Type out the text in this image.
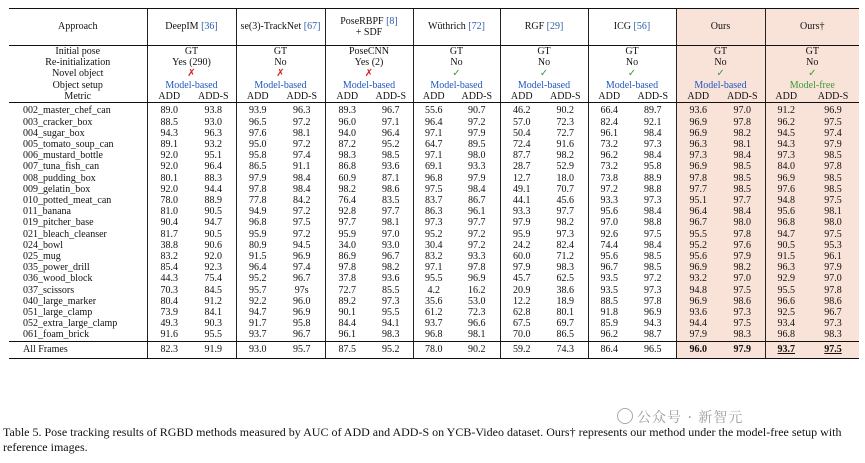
Approach	DeepIM [36]		se(3)-TrackNet [67]		PoseRBPF [8]
+ SDF		Wüthrich [72]		RGF [29]		ICG [56]		Ours		Ours†	
Initial pose	GT		GT		PoseCNN		GT		GT		GT		GT		GT	
Re-initialization	Yes (290)		No		Yes (2)		No		No		No		No		No	
Novel object	✗		✗		✗		✓		✓		✓		✓		✓	
Object setup	Model-based		Model-based		Model-based		Model-based		Model-based		Model-based		Model-based		Model-free	
Metric	ADD	ADD-S	ADD	ADD-S	ADD	ADD-S	ADD	ADD-S	ADD	ADD-S	ADD	ADD-S	ADD	ADD-S	ADD	ADD-S
002_master_chef_can	89.0	93.8	93.9	96.3	89.3	96.7	55.6	90.7	46.2	90.2	66.4	89.7	93.6	97.0	91.2	96.9
003_cracker_box	88.5	93.0	96.5	97.2	96.0	97.1	96.4	97.2	57.0	72.3	82.4	92.1	96.9	97.8	96.2	97.5
004_sugar_box	94.3	96.3	97.6	98.1	94.0	96.4	97.1	97.9	50.4	72.7	96.1	98.4	96.9	98.2	94.5	97.4
005_tomato_soup_can	89.1	93.2	95.0	97.2	87.2	95.2	64.7	89.5	72.4	91.6	73.2	97.3	96.3	98.1	94.3	97.9
006_mustard_bottle	92.0	95.1	95.8	97.4	98.3	98.5	97.1	98.0	87.7	98.2	96.2	98.4	97.3	98.4	97.3	98.5
007_tuna_fish_can	92.0	96.4	86.5	91.1	86.8	93.6	69.1	93.3	28.7	52.9	73.2	95.8	96.9	98.5	84.0	97.8
008_pudding_box	80.1	88.3	97.9	98.4	60.9	87.1	96.8	97.9	12.7	18.0	73.8	88.9	97.8	98.5	96.9	98.5
009_gelatin_box	92.0	94.4	97.8	98.4	98.2	98.6	97.5	98.4	49.1	70.7	97.2	98.8	97.7	98.5	97.6	98.5
010_potted_meat_can	78.0	88.9	77.8	84.2	76.4	83.5	83.7	86.7	44.1	45.6	93.3	97.3	95.1	97.7	94.8	97.5
011_banana	81.0	90.5	94.9	97.2	92.8	97.7	86.3	96.1	93.3	97.7	95.6	98.4	96.4	98.4	95.6	98.1
019_pitcher_base	90.4	94.7	96.8	97.5	97.7	98.1	97.3	97.7	97.9	98.2	97.0	98.8	96.7	98.0	96.8	98.0
021_bleach_cleanser	81.7	90.5	95.9	97.2	95.9	97.0	95.2	97.2	95.9	97.3	92.6	97.5	95.5	97.8	94.7	97.5
024_bowl	38.8	90.6	80.9	94.5	34.0	93.0	30.4	97.2	24.2	82.4	74.4	98.4	95.2	97.6	90.5	95.3
025_mug	83.2	92.0	91.5	96.9	86.9	96.7	83.2	93.3	60.0	71.2	95.6	98.5	95.6	97.9	91.5	96.1
035_power_drill	85.4	92.3	96.4	97.4	97.8	98.2	97.1	97.8	97.9	98.3	96.7	98.5	96.9	98.2	96.3	97.9
036_wood_block	44.3	75.4	95.2	96.7	37.8	93.6	95.5	96.9	45.7	62.5	93.5	97.2	93.2	97.0	92.9	97.0
037_scissors	70.3	84.5	95.7	97s	72.7	85.5	4.2	16.2	20.9	38.6	93.5	97.3	94.8	97.5	95.5	97.8
040_large_marker	80.4	91.2	92.2	96.0	89.2	97.3	35.6	53.0	12.2	18.9	88.5	97.8	96.9	98.6	96.6	98.6
051_large_clamp	73.9	84.1	94.7	96.9	90.1	95.5	61.2	72.3	62.8	80.1	91.8	96.9	93.6	97.3	92.5	96.7
052_extra_large_clamp	49.3	90.3	91.7	95.8	84.4	94.1	93.7	96.6	67.5	69.7	85.9	94.3	94.4	97.5	93.4	97.3
061_foam_brick	91.6	95.5	93.7	96.7	96.1	98.3	96.8	98.1	70.0	86.5	96.2	98.7	97.9	98.3	96.8	98.3
All Frames	82.3	91.9	93.0	95.7	87.5	95.2	78.0	90.2	59.2	74.3	86.4	96.5	96.0	97.9	93.7	97.5
公众号 · 新智元
Table 5. Pose tracking results of RGBD methods measured by AUC of ADD and ADD-S on YCB-Video dataset. Ours† represents our method under the model-free setup with reference images.
